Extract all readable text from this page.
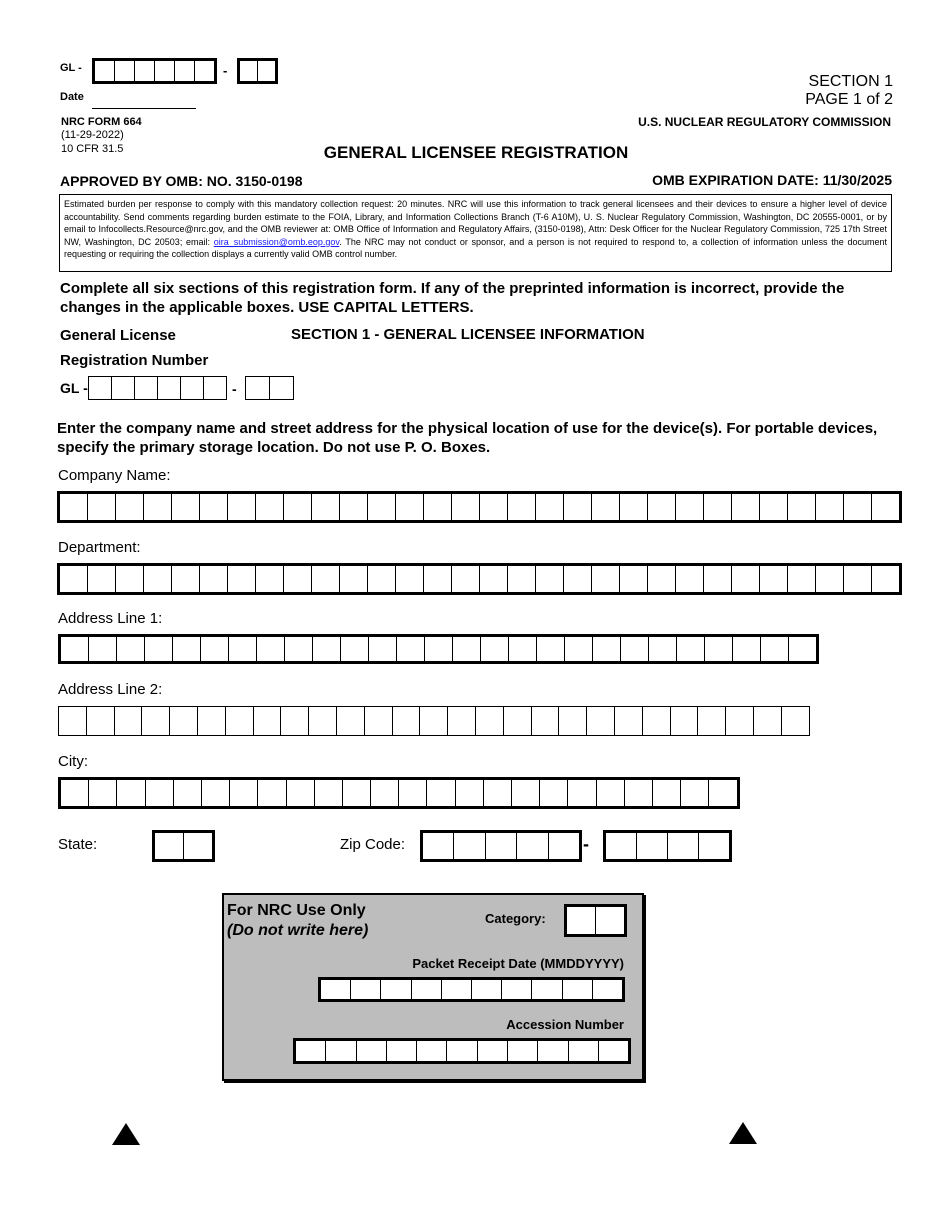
GL -	-
Date
NRC FORM 664
(11-29-2022)
10 CFR 31.5
SECTION 1
PAGE 1 of 2
U.S. NUCLEAR REGULATORY COMMISSION
GENERAL LICENSEE REGISTRATION
APPROVED BY OMB: NO. 3150-0198	OMB EXPIRATION DATE: 11/30/2025
Estimated burden per response to comply with this mandatory collection request: 20 minutes. NRC will use this information to track general licensees and their devices to ensure a higher level of device accountability. Send comments regarding burden estimate to the FOIA, Library, and Information Collections Branch (T-6 A10M), U. S. Nuclear Regulatory Commission, Washington, DC 20555-0001, or by email to Infocollects.Resource@nrc.gov, and the OMB reviewer at: OMB Office of Information and Regulatory Affairs, (3150-0198), Attn: Desk Officer for the Nuclear Regulatory Commission, 725 17th Street NW, Washington, DC 20503; email: oira_submission@omb.eop.gov. The NRC may not conduct or sponsor, and a person is not required to respond to, a collection of information unless the document requesting or requiring the collection displays a currently valid OMB control number.
Complete all six sections of this registration form. If any of the preprinted information is incorrect, provide the changes in the applicable boxes. USE CAPITAL LETTERS.
General License
Registration Number
SECTION 1 - GENERAL LICENSEE INFORMATION
GL -	-
Enter the company name and street address for the physical location of use for the device(s). For portable devices, specify the primary storage location. Do not use P. O. Boxes.
Company Name:
Department:
Address Line 1:
Address Line 2:
City:
State:	Zip Code:	-
For NRC Use Only
(Do not write here)
Category:
Packet Receipt Date (MMDDYYYY)
Accession Number
